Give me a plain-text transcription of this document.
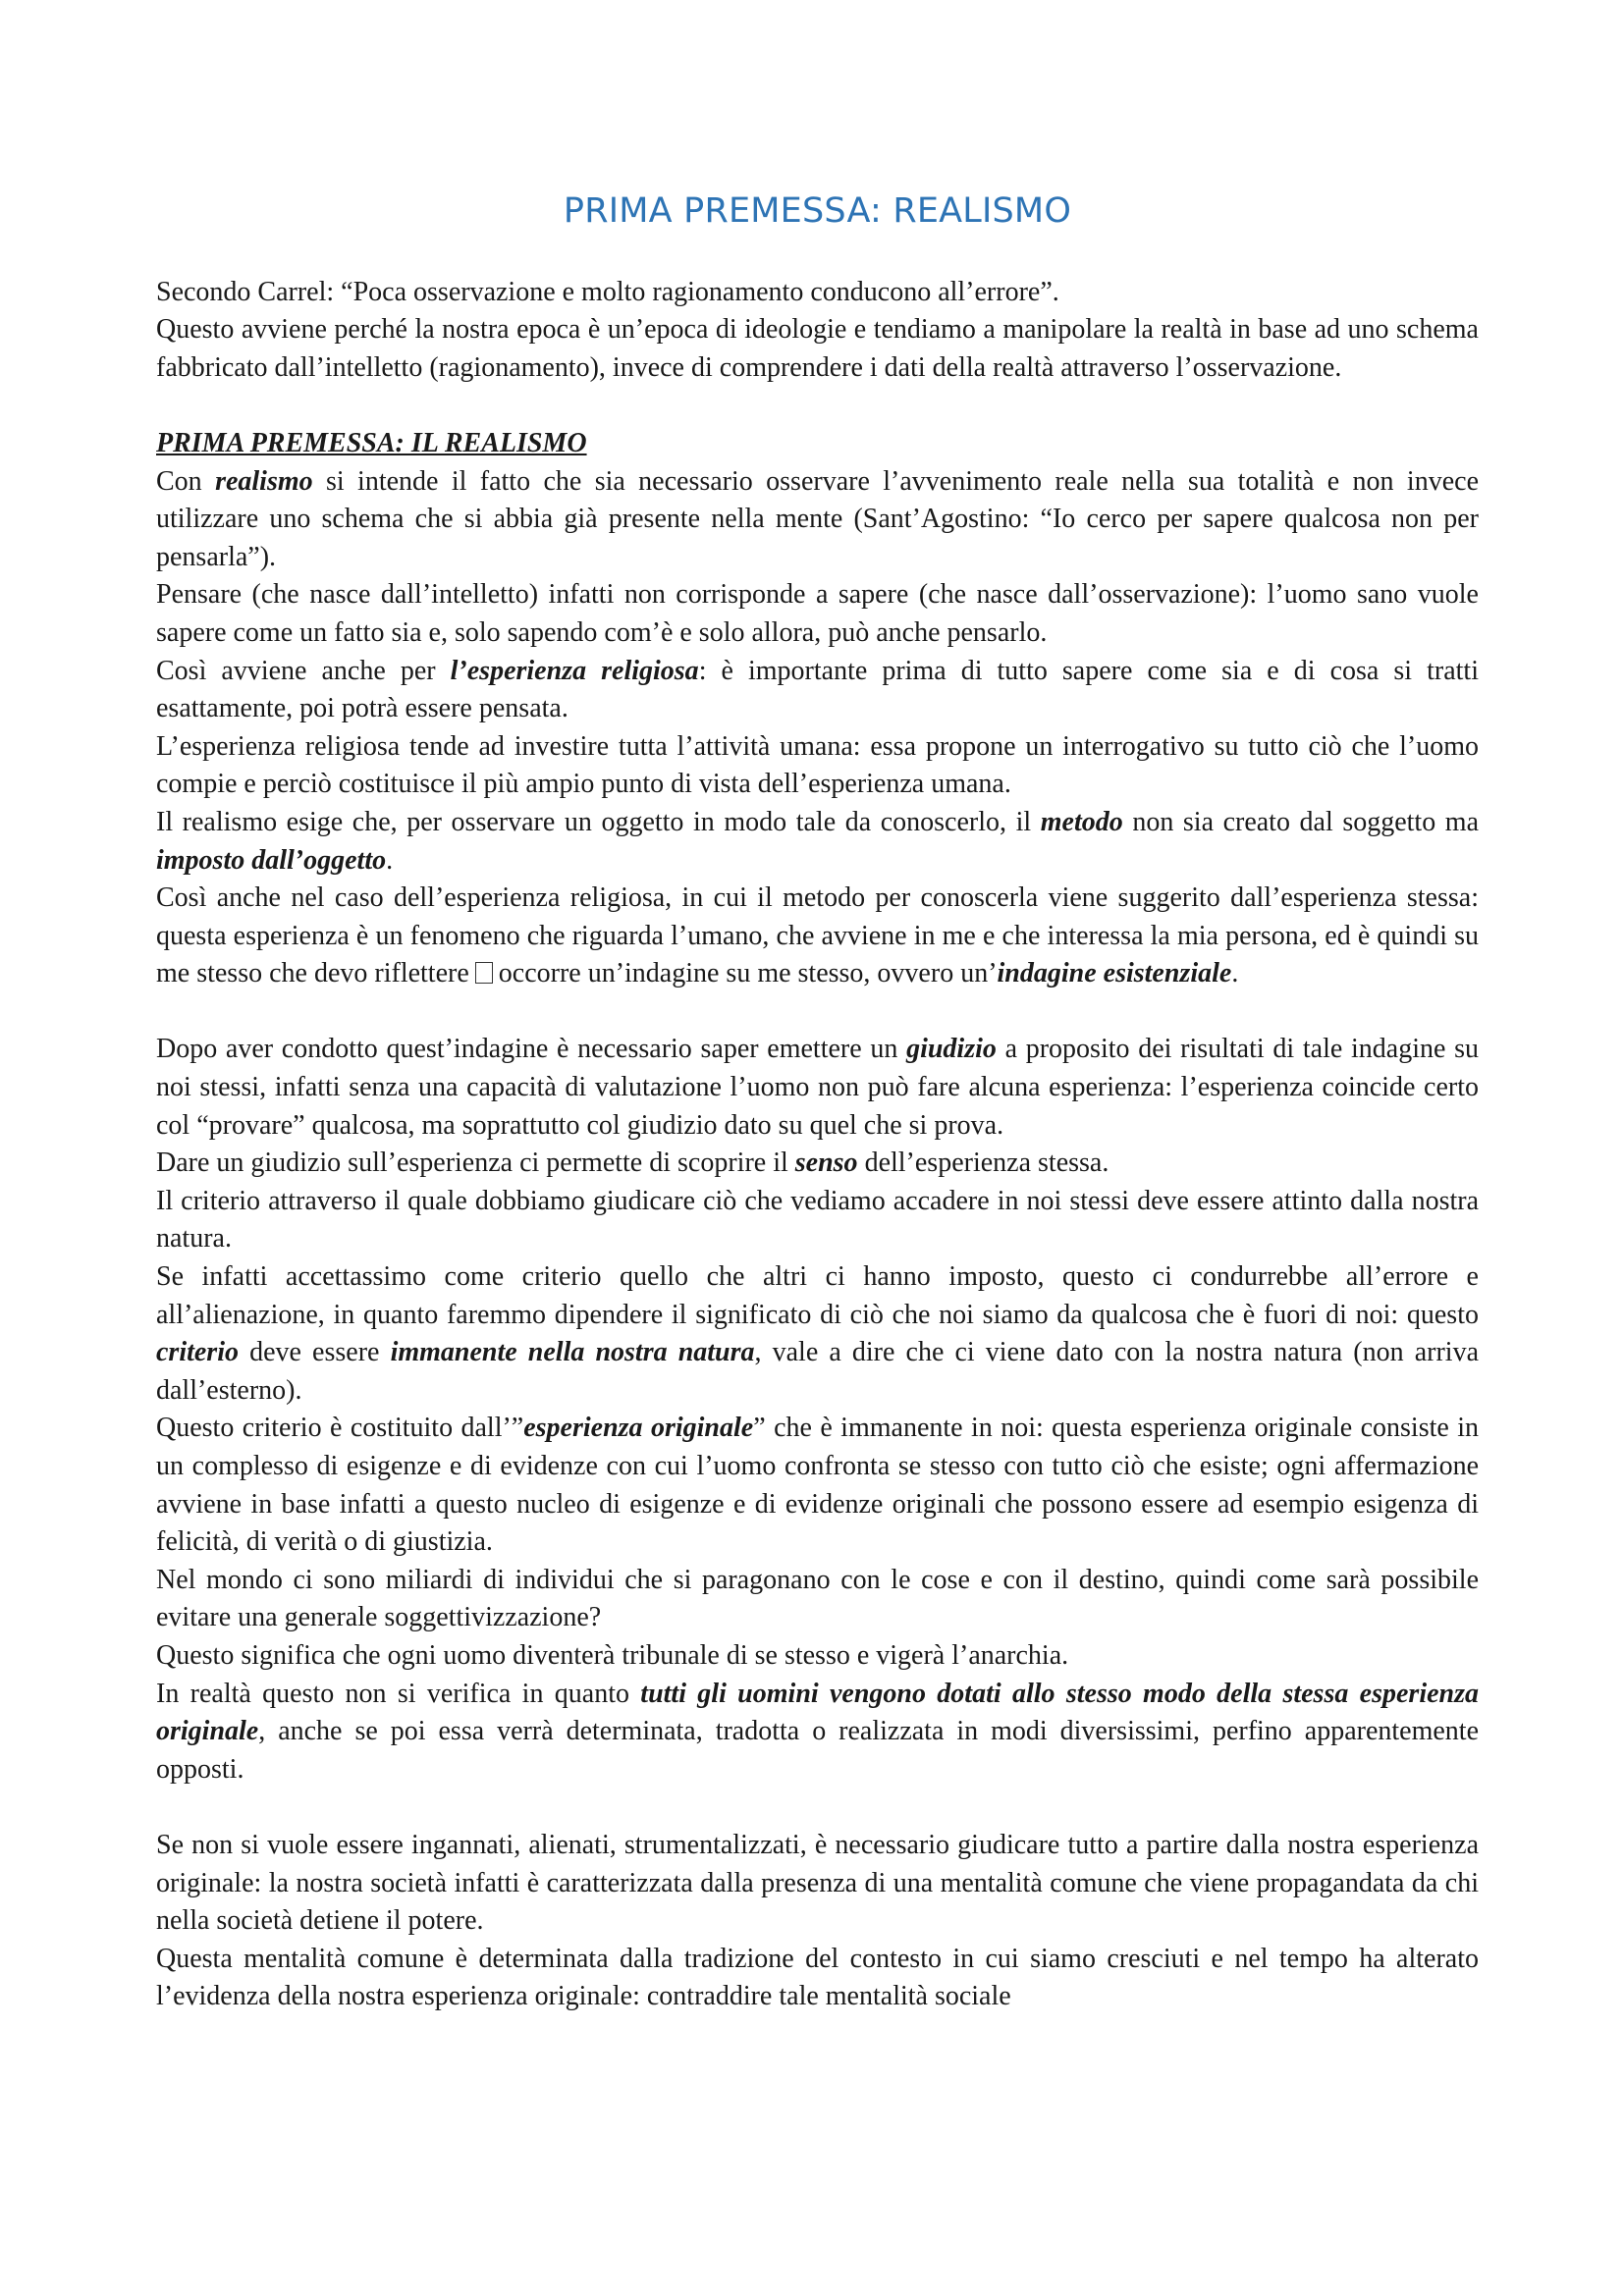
PRIMA PREMESSA: REALISMO

Secondo Carrel: “Poca osservazione e molto ragionamento conducono all’errore”.

Questo avviene perché la nostra epoca è un’epoca di ideologie e tendiamo a manipolare la realtà in base ad uno schema fabbricato dall’intelletto (ragionamento), invece di comprendere i dati della realtà attraverso l’osservazione.

PRIMA PREMESSA: IL REALISMO

Con realismo si intende il fatto che sia necessario osservare l’avvenimento reale nella sua totalità e non invece utilizzare uno schema che si abbia già presente nella mente (Sant’Agostino: “Io cerco per sapere qualcosa non per pensarla”).

Pensare (che nasce dall’intelletto) infatti non corrisponde a sapere (che nasce dall’osservazione): l’uomo sano vuole sapere come un fatto sia e, solo sapendo com’è e solo allora, può anche pensarlo.

Così avviene anche per l’esperienza religiosa: è importante prima di tutto sapere come sia e di cosa si tratti esattamente, poi potrà essere pensata.

L’esperienza religiosa tende ad investire tutta l’attività umana: essa propone un interrogativo su tutto ciò che l’uomo compie e perciò costituisce il più ampio punto di vista dell’esperienza umana.

Il realismo esige che, per osservare un oggetto in modo tale da conoscerlo, il metodo non sia creato dal soggetto ma imposto dall’oggetto.

Così anche nel caso dell’esperienza religiosa, in cui il metodo per conoscerla viene suggerito dall’esperienza stessa: questa esperienza è un fenomeno che riguarda l’umano, che avviene in me e che interessa la mia persona, ed è quindi su me stesso che devo riflettere occorre un’indagine su me stesso, ovvero un’indagine esistenziale.

Dopo aver condotto quest’indagine è necessario saper emettere un giudizio a proposito dei risultati di tale indagine su noi stessi, infatti senza una capacità di valutazione l’uomo non può fare alcuna esperienza: l’esperienza coincide certo col “provare” qualcosa, ma soprattutto col giudizio dato su quel che si prova.

Dare un giudizio sull’esperienza ci permette di scoprire il senso dell’esperienza stessa.

Il criterio attraverso il quale dobbiamo giudicare ciò che vediamo accadere in noi stessi deve essere attinto dalla nostra natura.

Se infatti accettassimo come criterio quello che altri ci hanno imposto, questo ci condurrebbe all’errore e all’alienazione, in quanto faremmo dipendere il significato di ciò che noi siamo da qualcosa che è fuori di noi: questo criterio deve essere immanente nella nostra natura, vale a dire che ci viene dato con la nostra natura (non arriva dall’esterno).

Questo criterio è costituito dall’”esperienza originale” che è immanente in noi: questa esperienza originale consiste in un complesso di esigenze e di evidenze con cui l’uomo confronta se stesso con tutto ciò che esiste; ogni affermazione avviene in base infatti a questo nucleo di esigenze e di evidenze originali che possono essere ad esempio esigenza di felicità, di verità o di giustizia.

Nel mondo ci sono miliardi di individui che si paragonano con le cose e con il destino, quindi come sarà possibile evitare una generale soggettivizzazione?

Questo significa che ogni uomo diventerà tribunale di se stesso e vigerà l’anarchia.

In realtà questo non si verifica in quanto tutti gli uomini vengono dotati allo stesso modo della stessa esperienza originale, anche se poi essa verrà determinata, tradotta o realizzata in modi diversissimi, perfino apparentemente opposti.

Se non si vuole essere ingannati, alienati, strumentalizzati, è necessario giudicare tutto a partire dalla nostra esperienza originale: la nostra società infatti è caratterizzata dalla presenza di una mentalità comune che viene propagandata da chi nella società detiene il potere.

Questa mentalità comune è determinata dalla tradizione del contesto in cui siamo cresciuti e nel tempo ha alterato l’evidenza della nostra esperienza originale: contraddire tale mentalità sociale
